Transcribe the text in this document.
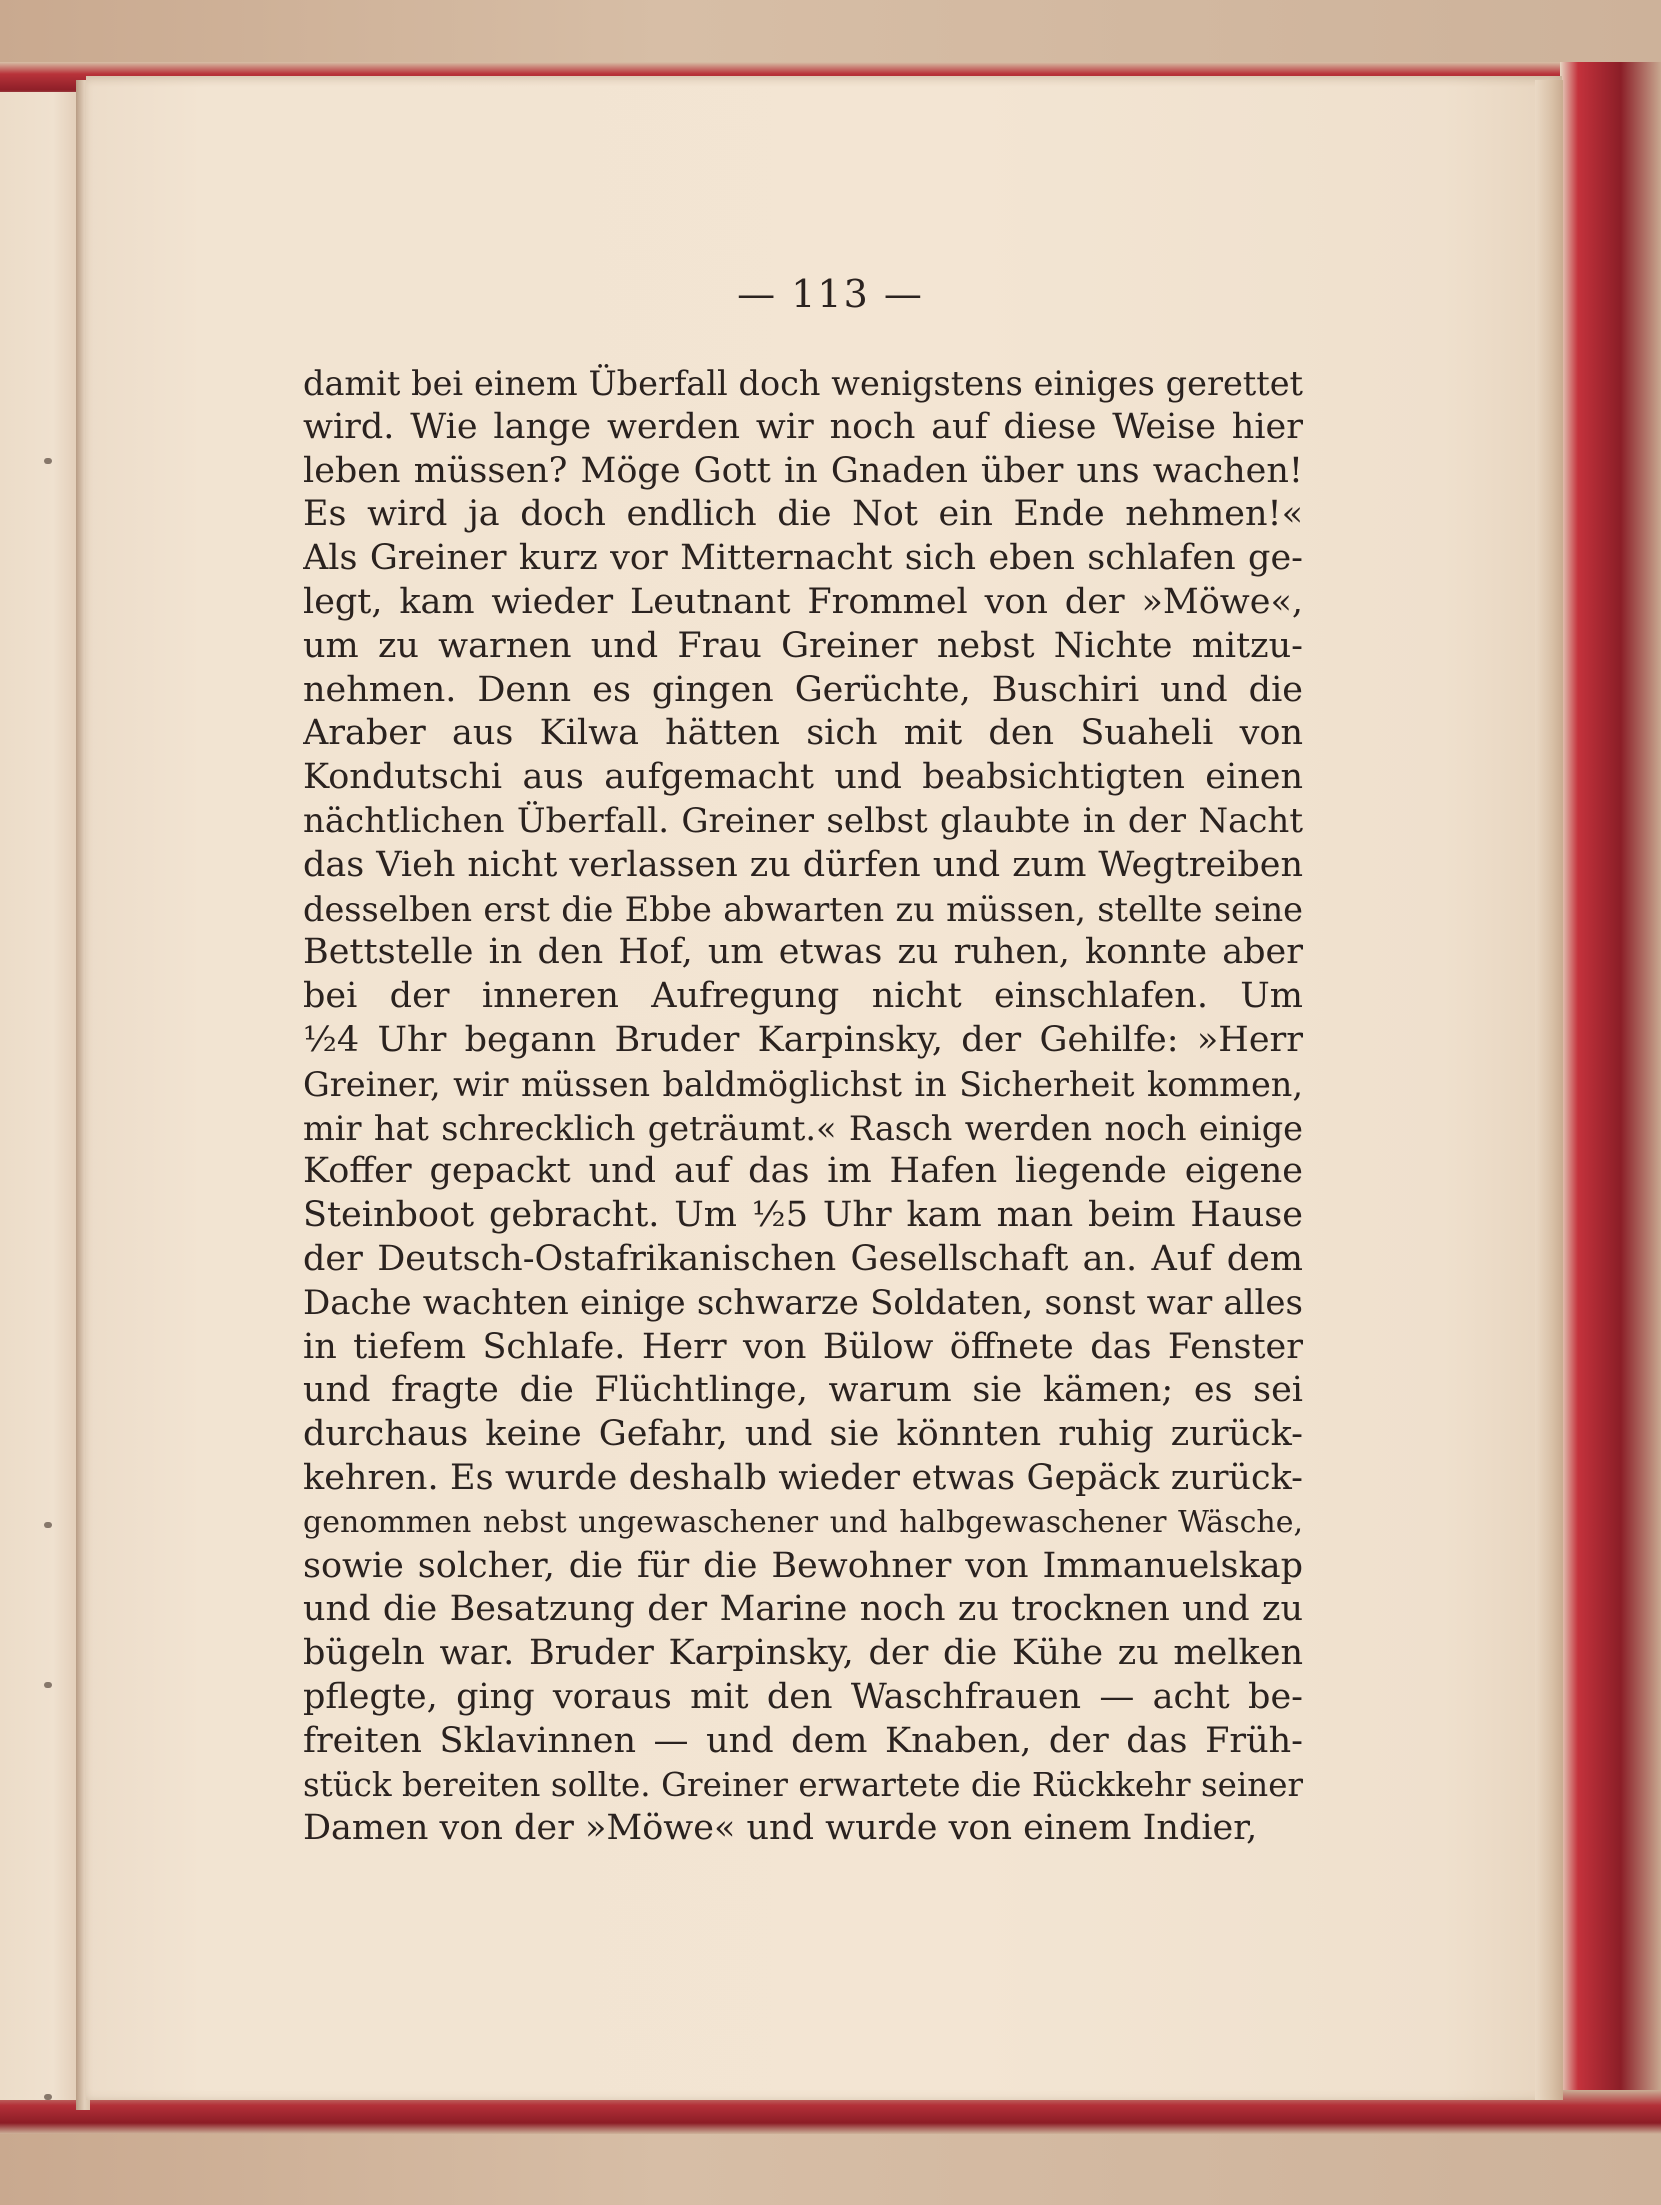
— 113 —
damit bei einem Überfall doch wenigstens einiges gerettet
wird. Wie lange werden wir noch auf diese Weise hier
leben müssen? Möge Gott in Gnaden über uns wachen!
Es wird ja doch endlich die Not ein Ende nehmen!«
Als Greiner kurz vor Mitternacht sich eben schlafen ge-
legt, kam wieder Leutnant Frommel von der »Möwe«,
um zu warnen und Frau Greiner nebst Nichte mitzu-
nehmen. Denn es gingen Gerüchte, Buschiri und die
Araber aus Kilwa hätten sich mit den Suaheli von
Kondutschi aus aufgemacht und beabsichtigten einen
nächtlichen Überfall. Greiner selbst glaubte in der Nacht
das Vieh nicht verlassen zu dürfen und zum Wegtreiben
desselben erst die Ebbe abwarten zu müssen, stellte seine
Bettstelle in den Hof, um etwas zu ruhen, konnte aber
bei der inneren Aufregung nicht einschlafen. Um
½4 Uhr begann Bruder Karpinsky, der Gehilfe: »Herr
Greiner, wir müssen baldmöglichst in Sicherheit kommen,
mir hat schrecklich geträumt.« Rasch werden noch einige
Koffer gepackt und auf das im Hafen liegende eigene
Steinboot gebracht. Um ½5 Uhr kam man beim Hause
der Deutsch-Ostafrikanischen Gesellschaft an. Auf dem
Dache wachten einige schwarze Soldaten, sonst war alles
in tiefem Schlafe. Herr von Bülow öffnete das Fenster
und fragte die Flüchtlinge, warum sie kämen; es sei
durchaus keine Gefahr, und sie könnten ruhig zurück-
kehren. Es wurde deshalb wieder etwas Gepäck zurück-
genommen nebst ungewaschener und halbgewaschener Wäsche,
sowie solcher, die für die Bewohner von Immanuelskap
und die Besatzung der Marine noch zu trocknen und zu
bügeln war. Bruder Karpinsky, der die Kühe zu melken
pflegte, ging voraus mit den Waschfrauen — acht be-
freiten Sklavinnen — und dem Knaben, der das Früh-
stück bereiten sollte. Greiner erwartete die Rückkehr seiner
Damen von der »Möwe« und wurde von einem Indier,
